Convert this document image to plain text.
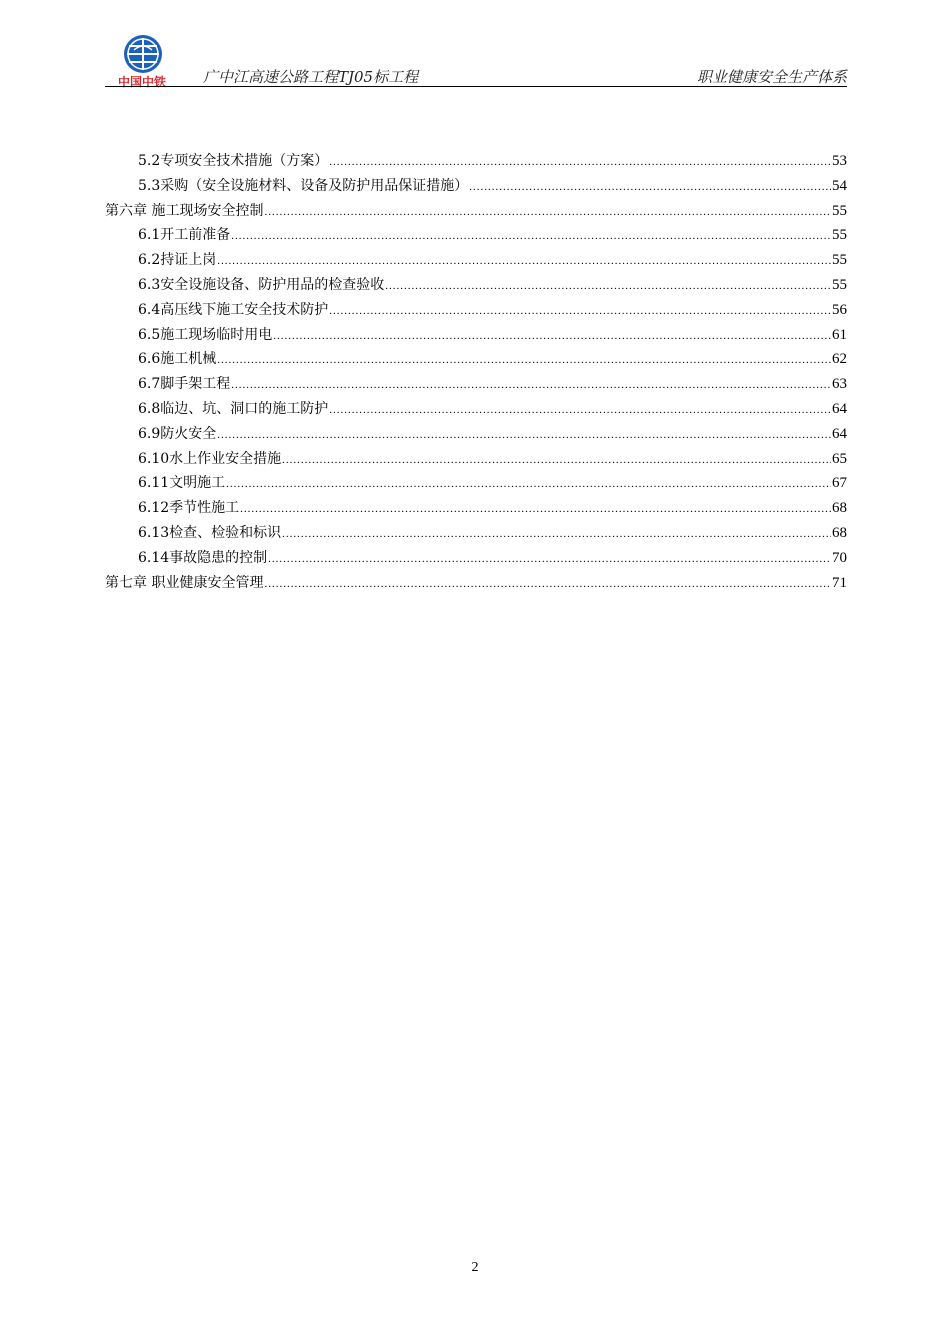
中国中铁 广中江高速公路工程TJ05标工程	职业健康安全生产体系
5.2专项安全技术措施（方案） .....	53
5.3采购（安全设施材料、设备及防护用品保证措施） .....	54
第六章 施工现场安全控制 .....	55
6.1开工前准备 .....	55
6.2持证上岗 .....	55
6.3安全设施设备、防护用品的检查验收 .....	55
6.4高压线下施工安全技术防护 .....	56
6.5施工现场临时用电 .....	61
6.6施工机械 .....	62
6.7脚手架工程 .....	63
6.8临边、坑、洞口的施工防护 .....	64
6.9防火安全 .....	64
6.10水上作业安全措施 .....	65
6.11文明施工 .....	67
6.12季节性施工 .....	68
6.13检查、检验和标识 .....	68
6.14事故隐患的控制 .....	70
第七章 职业健康安全管理 .....	71
2
